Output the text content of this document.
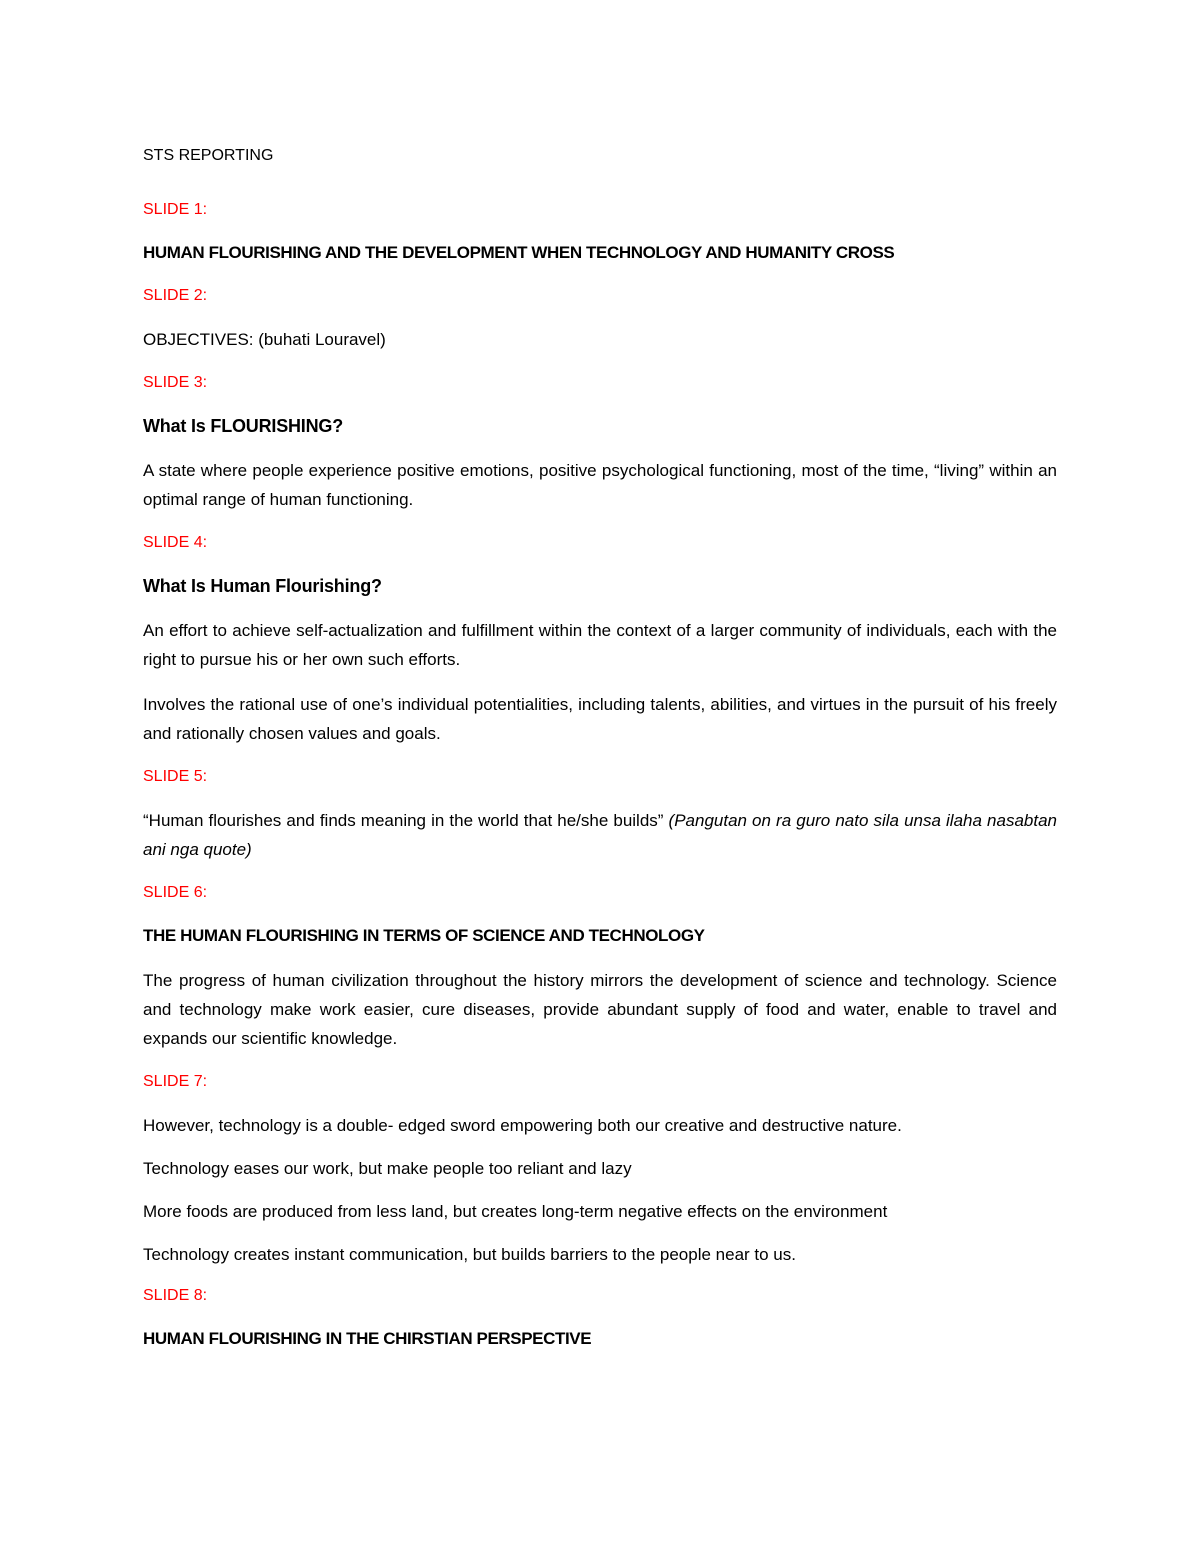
STS REPORTING

SLIDE 1:

HUMAN FLOURISHING AND THE DEVELOPMENT WHEN TECHNOLOGY AND HUMANITY CROSS

SLIDE 2:

OBJECTIVES: (buhati Louravel)

SLIDE 3:

What Is FLOURISHING?

A state where people experience positive emotions, positive psychological functioning, most of the time, “living” within an optimal range of human functioning.

SLIDE 4:

What Is Human Flourishing?

An effort to achieve self-actualization and fulfillment within the context of a larger community of individuals, each with the right to pursue his or her own such efforts.

Involves the rational use of one’s individual potentialities, including talents, abilities, and virtues in the pursuit of his freely and rationally chosen values and goals.

SLIDE 5:

“Human flourishes and finds meaning in the world that he/she builds” (Pangutan on ra guro nato sila unsa ilaha nasabtan ani nga quote)

SLIDE 6:

THE HUMAN FLOURISHING IN TERMS OF SCIENCE AND TECHNOLOGY

The progress of human civilization throughout the history mirrors the development of science and technology. Science and technology make work easier, cure diseases, provide abundant supply of food and water, enable to travel and expands our scientific knowledge.

SLIDE 7:

However, technology is a double- edged sword empowering both our creative and destructive nature.

Technology eases our work, but make people too reliant and lazy

More foods are produced from less land, but creates long-term negative effects on the environment

Technology creates instant communication, but builds barriers to the people near to us.

SLIDE 8:

HUMAN FLOURISHING IN THE CHIRSTIAN PERSPECTIVE
